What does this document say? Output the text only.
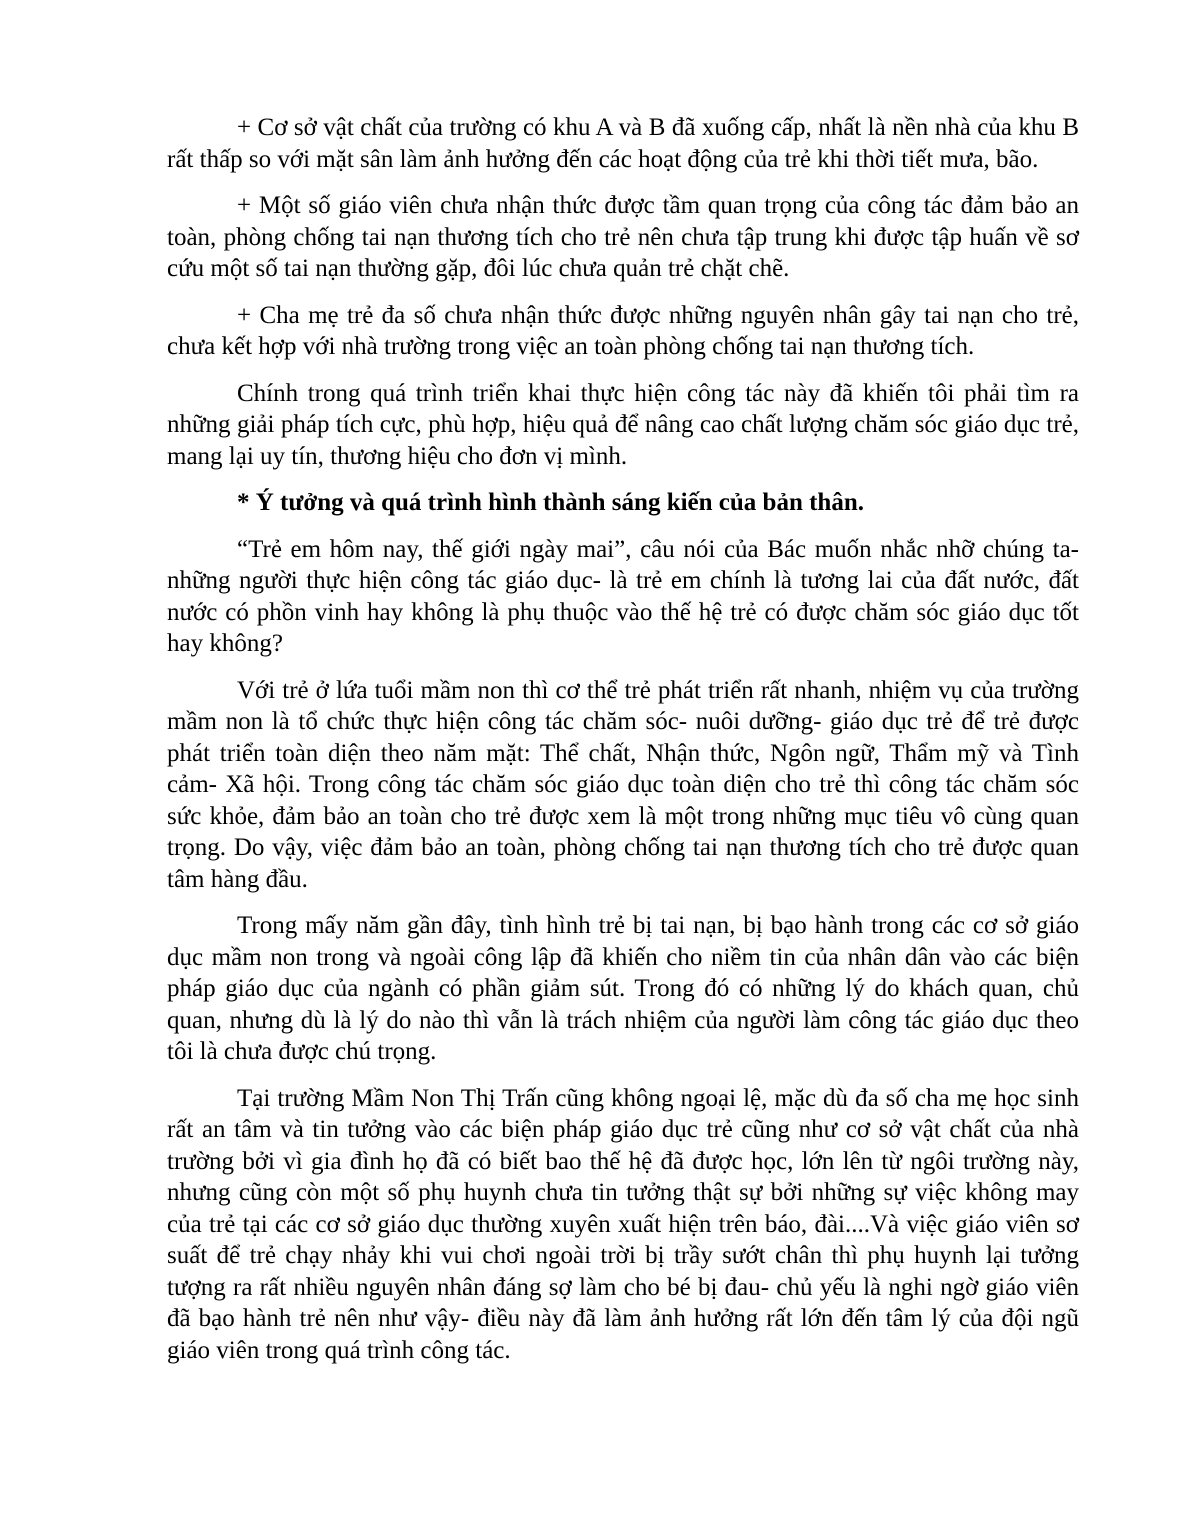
+ Cơ sở vật chất của trường có khu A và B đã xuống cấp, nhất là nền nhà của khu B rất thấp so với mặt sân làm ảnh hưởng đến các hoạt động của trẻ khi thời tiết mưa, bão.

+ Một số giáo viên chưa nhận thức được tầm quan trọng của công tác đảm bảo an toàn, phòng chống tai nạn thương tích cho trẻ nên chưa tập trung khi được tập huấn về sơ cứu một số tai nạn thường gặp, đôi lúc chưa quản trẻ chặt chẽ.

+ Cha mẹ trẻ đa số chưa nhận thức được những nguyên nhân gây tai nạn cho trẻ, chưa kết hợp với nhà trường trong việc an toàn phòng chống tai nạn thương tích.

Chính trong quá trình triển khai thực hiện công tác này đã khiến tôi phải tìm ra những giải pháp tích cực, phù hợp, hiệu quả để nâng cao chất lượng chăm sóc giáo dục trẻ, mang lại uy tín, thương hiệu cho đơn vị mình.

* Ý tưởng và quá trình hình thành sáng kiến của bản thân.

“Trẻ em hôm nay, thế giới ngày mai”, câu nói của Bác muốn nhắc nhỡ chúng ta- những người thực hiện công tác giáo dục- là trẻ em chính là tương lai của đất nước, đất nước có phồn vinh hay không là phụ thuộc vào thế hệ trẻ có được chăm sóc giáo dục tốt hay không?

Với trẻ ở lứa tuổi mầm non thì cơ thể trẻ phát triển rất nhanh, nhiệm vụ của trường mầm non là tổ chức thực hiện công tác chăm sóc- nuôi dưỡng- giáo dục trẻ để trẻ được phát triển toàn diện theo năm mặt: Thể chất, Nhận thức, Ngôn ngữ, Thẩm mỹ và Tình cảm- Xã hội. Trong công tác chăm sóc giáo dục toàn diện cho trẻ thì công tác chăm sóc sức khỏe, đảm bảo an toàn cho trẻ được xem là một trong những mục tiêu vô cùng quan trọng. Do vậy, việc đảm bảo an toàn, phòng chống tai nạn thương tích cho trẻ được quan tâm hàng đầu.

Trong mấy năm gần đây, tình hình trẻ bị tai nạn, bị bạo hành trong các cơ sở giáo dục mầm non trong và ngoài công lập đã khiến cho niềm tin của nhân dân vào các biện pháp giáo dục của ngành có phần giảm sút. Trong đó có những lý do khách quan, chủ quan, nhưng dù là lý do nào thì vẫn là trách nhiệm của người làm công tác giáo dục theo tôi là chưa được chú trọng.

Tại trường Mầm Non Thị Trấn cũng không ngoại lệ, mặc dù đa số cha mẹ học sinh rất an tâm và tin tưởng vào các biện pháp giáo dục trẻ cũng như cơ sở vật chất của nhà trường bởi vì gia đình họ đã có biết bao thế hệ đã được học, lớn lên từ ngôi trường này, nhưng cũng còn một số phụ huynh chưa tin tưởng thật sự bởi những sự việc không may của trẻ tại các cơ sở giáo dục thường xuyên xuất hiện trên báo, đài....Và việc giáo viên sơ suất để trẻ chạy nhảy khi vui chơi ngoài trời bị trầy sướt chân thì phụ huynh lại tưởng tượng ra rất nhiều nguyên nhân đáng sợ làm cho bé bị đau- chủ yếu là nghi ngờ giáo viên đã bạo hành trẻ nên như vậy- điều này đã làm ảnh hưởng rất lớn đến tâm lý của đội ngũ giáo viên trong quá trình công tác.
